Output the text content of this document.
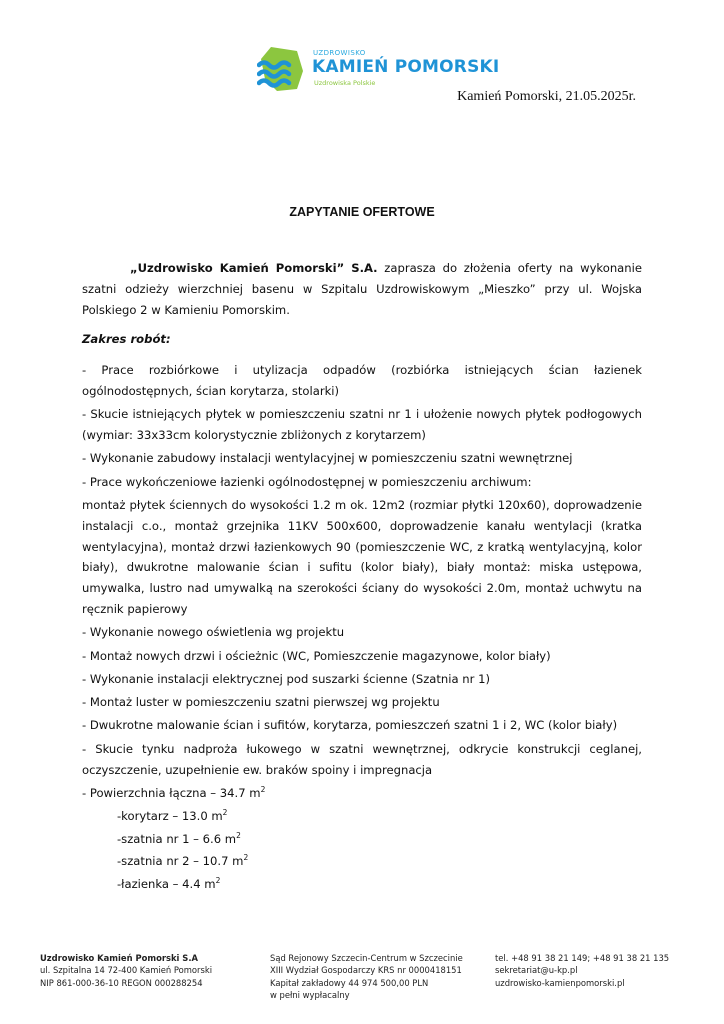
UZDROWISKO
KAMIEŃ POMORSKI
Uzdrowiska Polskie
Kamień Pomorski, 21.05.2025r.
ZAPYTANIE OFERTOWE

„Uzdrowisko Kamień Pomorski” S.A. zaprasza do złożenia oferty na wykonanie szatni odzieży wierzchniej basenu w Szpitalu Uzdrowiskowym „Mieszko” przy ul. Wojska Polskiego 2 w Kamieniu Pomorskim.

Zakres robót:

- Prace rozbiórkowe i utylizacja odpadów (rozbiórka istniejących ścian łazienek ogólnodostępnych, ścian korytarza, stolarki)

- Skucie istniejących płytek w pomieszczeniu szatni nr 1 i ułożenie nowych płytek podłogowych (wymiar: 33x33cm kolorystycznie zbliżonych z korytarzem)

- Wykonanie zabudowy instalacji wentylacyjnej w pomieszczeniu szatni wewnętrznej

- Prace wykończeniowe łazienki ogólnodostępnej w pomieszczeniu archiwum:

montaż płytek ściennych do wysokości 1.2 m ok. 12m2 (rozmiar płytki 120x60), doprowadzenie instalacji c.o., montaż grzejnika 11KV 500x600, doprowadzenie kanału wentylacji (kratka wentylacyjna), montaż drzwi łazienkowych 90 (pomieszczenie WC, z kratką wentylacyjną, kolor biały), dwukrotne malowanie ścian i sufitu (kolor biały), biały montaż: miska ustępowa, umywalka, lustro nad umywalką na szerokości ściany do wysokości 2.0m, montaż uchwytu na ręcznik papierowy

- Wykonanie nowego oświetlenia wg projektu

- Montaż nowych drzwi i ościeżnic (WC, Pomieszczenie magazynowe, kolor biały)

- Wykonanie instalacji elektrycznej pod suszarki ścienne (Szatnia nr 1)

- Montaż luster w pomieszczeniu szatni pierwszej wg projektu

- Dwukrotne malowanie ścian i sufitów, korytarza, pomieszczeń szatni 1 i 2, WC (kolor biały)

- Skucie tynku nadproża łukowego w szatni wewnętrznej, odkrycie konstrukcji ceglanej, oczyszczenie, uzupełnienie ew. braków spoiny i impregnacja

- Powierzchnia łączna – 34.7 $m^2$

-korytarz – 13.0 $m^2$

-szatnia nr 1 – 6.6 $m^2$

-szatnia nr 2 – 10.7 $m^2$

-łazienka – 4.4 $m^2$

Uzdrowisko Kamień Pomorski S.A
ul. Szpitalna 14 72-400 Kamień Pomorski
NIP 861-000-36-10 REGON 000288254
Sąd Rejonowy Szczecin-Centrum w Szczecinie
XIII Wydział Gospodarczy KRS nr 0000418151
Kapitał zakładowy 44 974 500,00 PLN
w pełni wypłacalny
tel. +48 91 38 21 149; +48 91 38 21 135
sekretariat@u-kp.pl
uzdrowisko-kamienpomorski.pl
